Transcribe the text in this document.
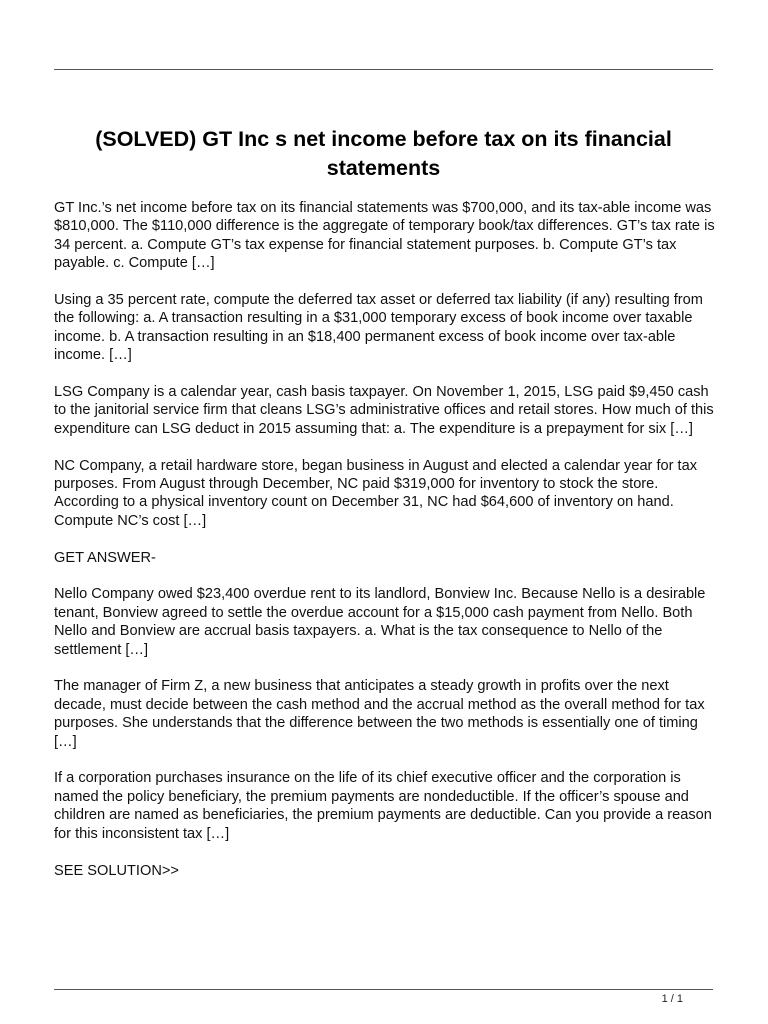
(SOLVED) GT Inc s net income before tax on its financial statements

GT Inc.’s net income before tax on its financial statements was $700,000, and its tax-able income was $810,000. The $110,000 difference is the aggregate of temporary book/tax differences. GT’s tax rate is 34 percent. a. Compute GT’s tax expense for financial statement purposes. b. Compute GT’s tax payable. c. Compute […]

Using a 35 percent rate, compute the deferred tax asset or deferred tax liability (if any) resulting from the following: a. A transaction resulting in a $31,000 temporary excess of book income over taxable income. b. A transaction resulting in an $18,400 permanent excess of book income over tax-able income. […]

LSG Company is a calendar year, cash basis taxpayer. On November 1, 2015, LSG paid $9,450 cash to the janitorial service firm that cleans LSG’s administrative offices and retail stores. How much of this expenditure can LSG deduct in 2015 assuming that: a. The expenditure is a prepayment for six […]

NC Company, a retail hardware store, began business in August and elected a calendar year for tax purposes. From August through December, NC paid $319,000 for inventory to stock the store. According to a physical inventory count on December 31, NC had $64,600 of inventory on hand. Compute NC’s cost […]

GET ANSWER-

Nello Company owed $23,400 overdue rent to its landlord, Bonview Inc. Because Nello is a desirable tenant, Bonview agreed to settle the overdue account for a $15,000 cash payment from Nello. Both Nello and Bonview are accrual basis taxpayers. a. What is the tax consequence to Nello of the settlement […]

The manager of Firm Z, a new business that anticipates a steady growth in profits over the next decade, must decide between the cash method and the accrual method as the overall method for tax purposes. She understands that the difference between the two methods is essentially one of timing […]

If a corporation purchases insurance on the life of its chief executive officer and the corporation is named the policy beneficiary, the premium payments are nondeductible. If the officer’s spouse and children are named as beneficiaries, the premium payments are deductible. Can you provide a reason for this inconsistent tax […]

SEE SOLUTION>>

1 / 1
